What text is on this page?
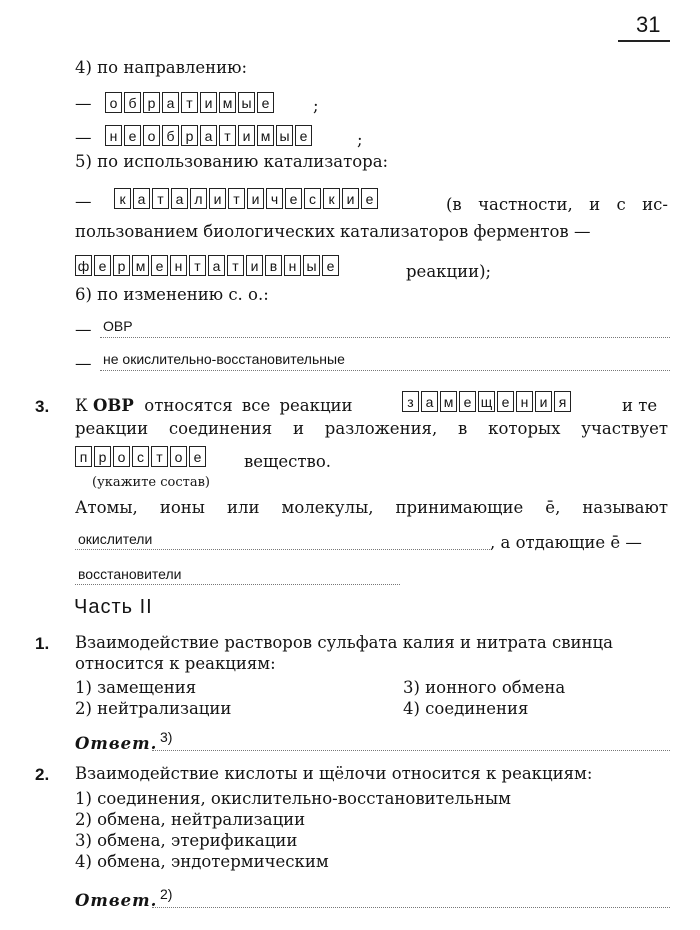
31
4) по направлению:
—	о б р а т и м ы е	;
—	н е о б р а т и м ы е	;
5) по использованию катализатора:
—	к а т а л и т и ч е с к и е	(в частности, и с ис-
пользованием биологических катализаторов ферментов —
ф е р м е н т а т и в н ы е	реакции);
6) по изменению с. о.:
— ОВР
— не окислительно-восстановительные
3. К ОВР относятся все реакции	з а м е щ е н и я	и те
реакции соединения и разложения, в которых участвует
п р о с т о е	вещество.
(укажите состав)
Атомы, ионы или молекулы, принимающие ē, называют
окислители	, а отдающие ē —
восстановители
Часть II
1. Взаимодействие растворов сульфата калия и нитрата свинца
относится к реакциям:
1) замещения
2) нейтрализации
3) ионного обмена
4) соединения
Ответ. 3)
2. Взаимодействие кислоты и щёлочи относится к реакциям:
1) соединения, окислительно-восстановительным
2) обмена, нейтрализации
3) обмена, этерификации
4) обмена, эндотермическим
Ответ. 2)
